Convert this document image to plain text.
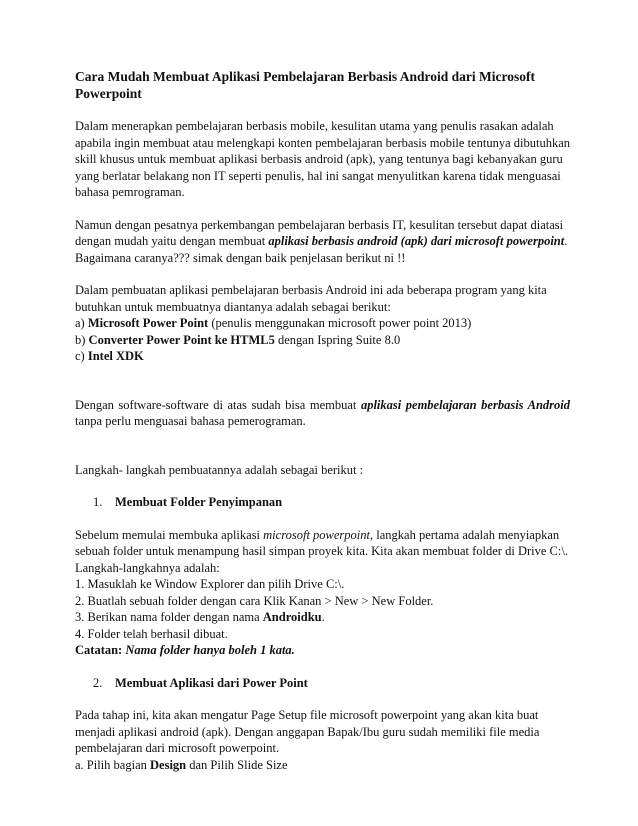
Cara Mudah Membuat Aplikasi Pembelajaran Berbasis Android dari Microsoft Powerpoint

Dalam menerapkan pembelajaran berbasis mobile, kesulitan utama yang penulis rasakan adalah apabila ingin membuat atau melengkapi konten pembelajaran berbasis mobile tentunya dibutuhkan skill khusus untuk membuat aplikasi berbasis android (apk), yang tentunya bagi kebanyakan guru yang berlatar belakang non IT seperti penulis, hal ini sangat menyulitkan karena tidak menguasai bahasa pemrograman.

Namun dengan pesatnya perkembangan pembelajaran berbasis IT, kesulitan tersebut dapat diatasi dengan mudah yaitu dengan membuat aplikasi berbasis android (apk) dari microsoft powerpoint. Bagaimana caranya??? simak dengan baik penjelasan berikut ni !!

Dalam pembuatan aplikasi pembelajaran berbasis Android ini ada beberapa program yang kita butuhkan untuk membuatnya diantanya adalah sebagai berikut:
a) Microsoft Power Point (penulis menggunakan microsoft power point 2013)
b) Converter Power Point ke HTML5 dengan Ispring Suite 8.0
c) Intel XDK

Dengan software-software di atas sudah bisa membuat aplikasi pembelajaran berbasis Android tanpa perlu menguasai bahasa pemerograman.

Langkah- langkah pembuatannya adalah sebagai berikut :

1. Membuat Folder Penyimpanan

Sebelum memulai membuka aplikasi microsoft powerpoint, langkah pertama adalah menyiapkan sebuah folder untuk menampung hasil simpan proyek kita. Kita akan membuat folder di Drive C:\. Langkah-langkahnya adalah:
1. Masuklah ke Window Explorer dan pilih Drive C:\.
2. Buatlah sebuah folder dengan cara Klik Kanan > New > New Folder.
3. Berikan nama folder dengan nama Androidku.
4. Folder telah berhasil dibuat.
Catatan: Nama folder hanya boleh 1 kata.

2. Membuat Aplikasi dari Power Point

Pada tahap ini, kita akan mengatur Page Setup file microsoft powerpoint yang akan kita buat menjadi aplikasi android (apk). Dengan anggapan Bapak/Ibu guru sudah memiliki file media pembelajaran dari microsoft powerpoint.
a. Pilih bagian Design dan Pilih Slide Size
